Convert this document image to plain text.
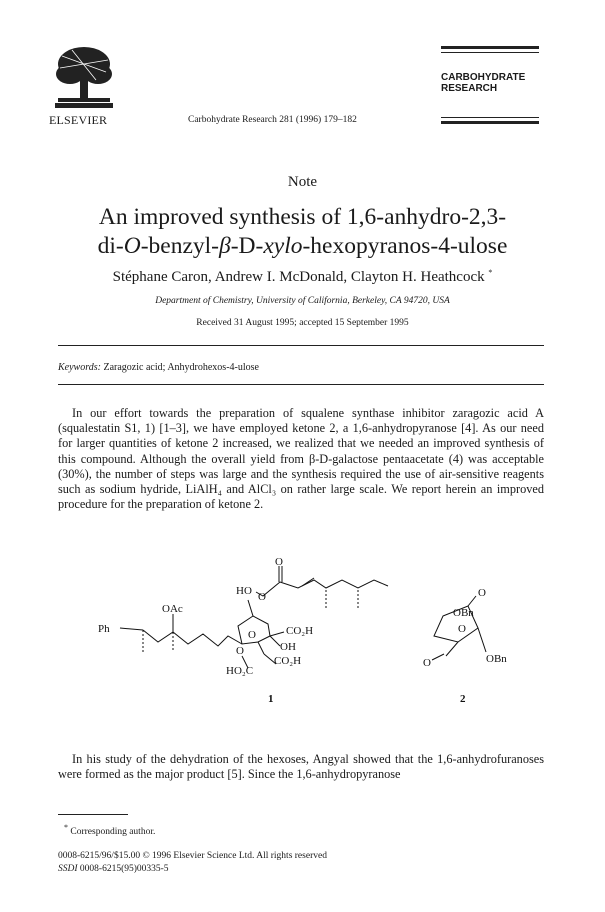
ELSEVIER	Carbohydrate Research 281 (1996) 179–182
CARBOHYDRATE
RESEARCH
Note
An improved synthesis of 1,6-anhydro-2,3-
di-O-benzyl-β-D-xylo-hexopyranos-4-ulose
Stéphane Caron, Andrew I. McDonald, Clayton H. Heathcock *
Department of Chemistry, University of California, Berkeley, CA 94720, USA
Received 31 August 1995; accepted 15 September 1995
Keywords: Zaragozic acid; Anhydrohexos-4-ulose
In our effort towards the preparation of squalene synthase inhibitor zaragozic acid A (squalestatin S1, 1) [1–3], we have employed ketone 2, a 1,6-anhydropyranose [4]. As our need for larger quantities of ketone 2 increased, we realized that we needed an improved synthesis of this compound. Although the overall yield from β-D-galactose pentaacetate (4) was acceptable (30%), the number of steps was large and the synthesis required the use of air-sensitive reagents such as sodium hydride, LiAlH₄ and AlCl₃ on rather large scale. We report herein an improved procedure for the preparation of ketone 2.
HO
O
O
OAc
Ph	O
O
CO₂H
OH
CO₂H
HO₂C
1
OBn
O
O
O
OBn
2
In his study of the dehydration of the hexoses, Angyal showed that the 1,6-anhydrofuranoses were formed as the major product [5]. Since the 1,6-anhydropyranose
* Corresponding author.
0008-6215/96/$15.00 © 1996 Elsevier Science Ltd. All rights reserved
SSDI 0008-6215(95)00335-5
